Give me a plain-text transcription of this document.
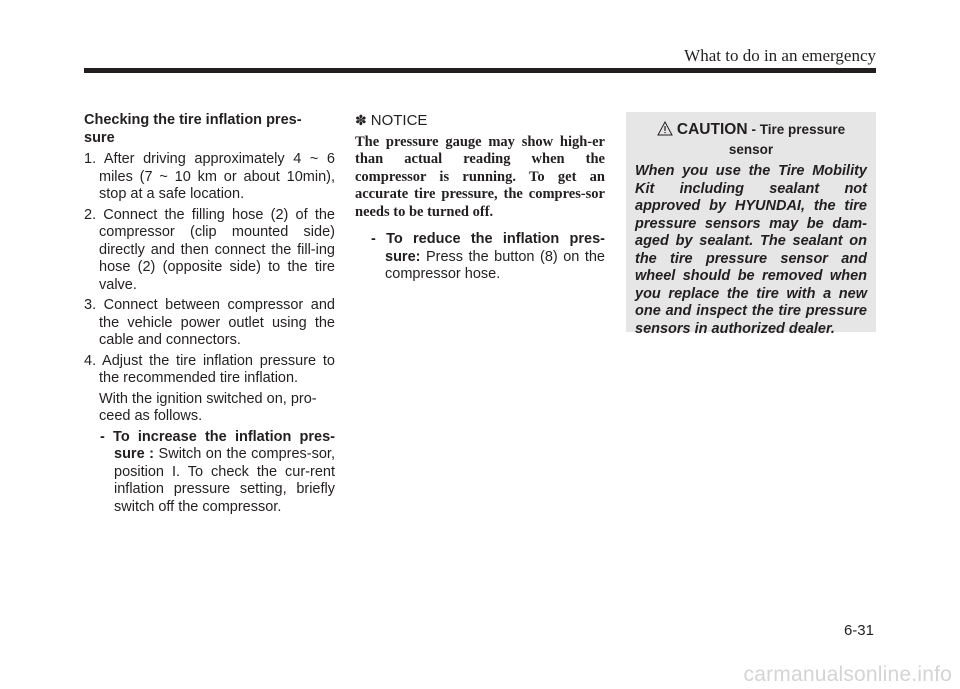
What to do in an emergency
Checking the tire inflation pres-
sure
1. After driving approximately 4 ~ 6 miles (7 ~ 10 km or about 10min), stop at a safe location.
2. Connect the filling hose (2) of the compressor (clip mounted side) directly and then connect the fill-ing hose (2) (opposite side) to the tire valve.
3. Connect between compressor and the vehicle power outlet using the cable and connectors.
4. Adjust the tire inflation pressure to the recommended tire inflation.
With the ignition switched on, pro-ceed as follows.
- To increase the inflation pres-sure : Switch on the compres-sor, position I. To check the cur-rent inflation pressure setting, briefly switch off the compressor.
✽ NOTICE
The pressure gauge may show high-er than actual reading when the compressor is running. To get an accurate tire pressure, the compres-sor needs to be turned off.
- To reduce the inflation pres-sure: Press the button (8) on the compressor hose.
CAUTION - Tire pressure
sensor

When you use the Tire Mobility Kit including sealant not approved by HYUNDAI, the tire pressure sensors may be dam-aged by sealant. The sealant on the tire pressure sensor and wheel should be removed when you replace the tire with a new one and inspect the tire pressure sensors in authorized dealer.

6-31
carmanualsonline.info
